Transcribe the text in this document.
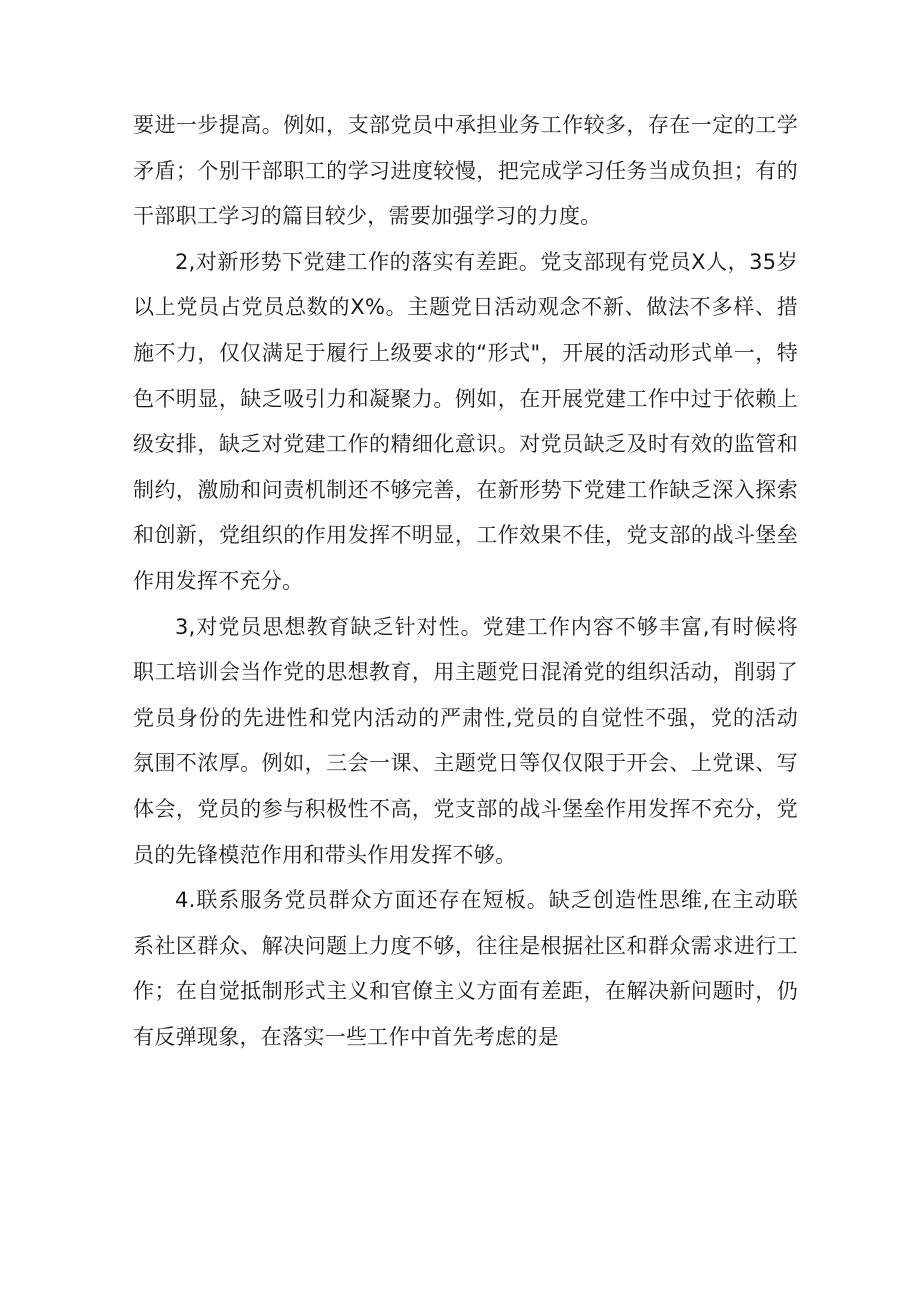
要进一步提高。例如，支部党员中承担业务工作较多，存在一定的工学矛盾；个别干部职工的学习进度较慢，把完成学习任务当成负担；有的干部职工学习的篇目较少，需要加强学习的力度。

2,对新形势下党建工作的落实有差距。党支部现有党员X人，35岁以上党员占党员总数的X%。主题党日活动观念不新、做法不多样、措施不力，仅仅满足于履行上级要求的“形式"，开展的活动形式单一，特色不明显，缺乏吸引力和凝聚力。例如，在开展党建工作中过于依赖上级安排，缺乏对党建工作的精细化意识。对党员缺乏及时有效的监管和制约，激励和问责机制还不够完善，在新形势下党建工作缺乏深入探索和创新，党组织的作用发挥不明显，工作效果不佳，党支部的战斗堡垒作用发挥不充分。

3,对党员思想教育缺乏针对性。党建工作内容不够丰富,有时候将职工培训会当作党的思想教育，用主题党日混淆党的组织活动，削弱了党员身份的先进性和党内活动的严肃性,党员的自觉性不强，党的活动氛围不浓厚。例如，三会一课、主题党日等仅仅限于开会、上党课、写体会，党员的参与积极性不高，党支部的战斗堡垒作用发挥不充分，党员的先锋模范作用和带头作用发挥不够。

4.联系服务党员群众方面还存在短板。缺乏创造性思维,在主动联系社区群众、解决问题上力度不够，往往是根据社区和群众需求进行工作；在自觉抵制形式主义和官僚主义方面有差距，在解决新问题时，仍有反弹现象，在落实一些工作中首先考虑的是
